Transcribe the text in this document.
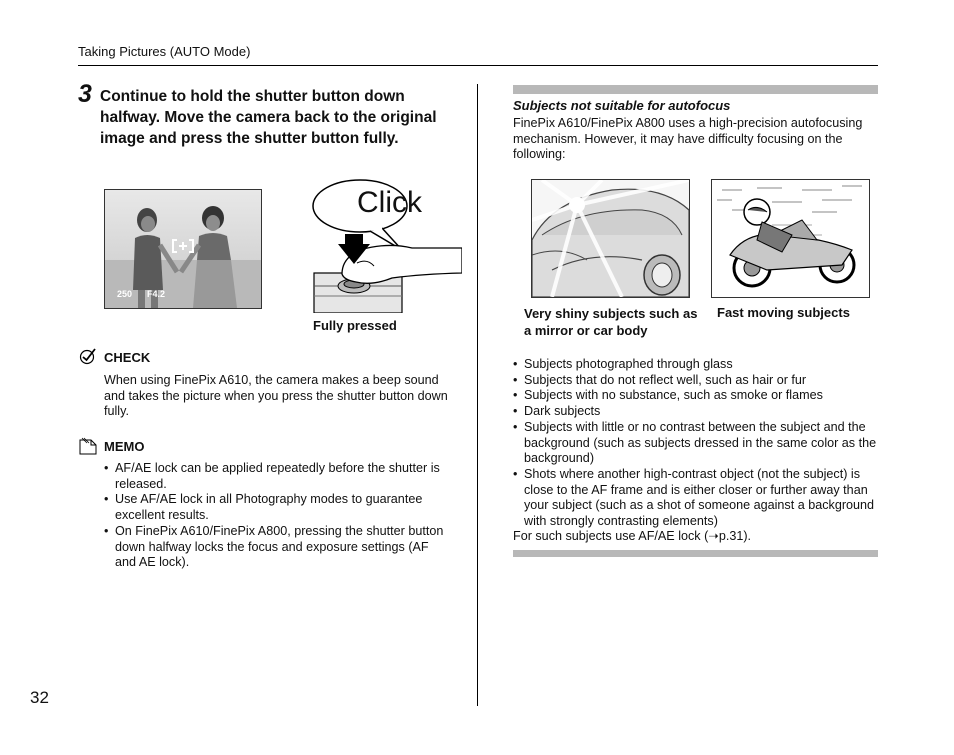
Taking Pictures (AUTO Mode)
32
3 Continue to hold the shutter button down halfway. Move the camera back to the original image and press the shutter button fully.
250 F4.2
Click
Fully pressed
CHECK
When using FinePix A610, the camera makes a beep sound and takes the picture when you press the shutter button down fully.
MEMO
• AF/AE lock can be applied repeatedly before the shutter is released.
• Use AF/AE lock in all Photography modes to guarantee excellent results.
• On FinePix A610/FinePix A800, pressing the shutter button down halfway locks the focus and exposure settings (AF and AE lock).
Subjects not suitable for autofocus
FinePix A610/FinePix A800 uses a high-precision autofocusing mechanism. However, it may have difficulty focusing on the following:
Very shiny subjects such as a mirror or car body
Fast moving subjects
• Subjects photographed through glass
• Subjects that do not reflect well, such as hair or fur
• Subjects with no substance, such as smoke or flames
• Dark subjects
• Subjects with little or no contrast between the subject and the background (such as subjects dressed in the same color as the background)
• Shots where another high-contrast object (not the subject) is close to the AF frame and is either closer or further away than your subject (such as a shot of someone against a background with strongly contrasting elements)
For such subjects use AF/AE lock (➝p.31).
